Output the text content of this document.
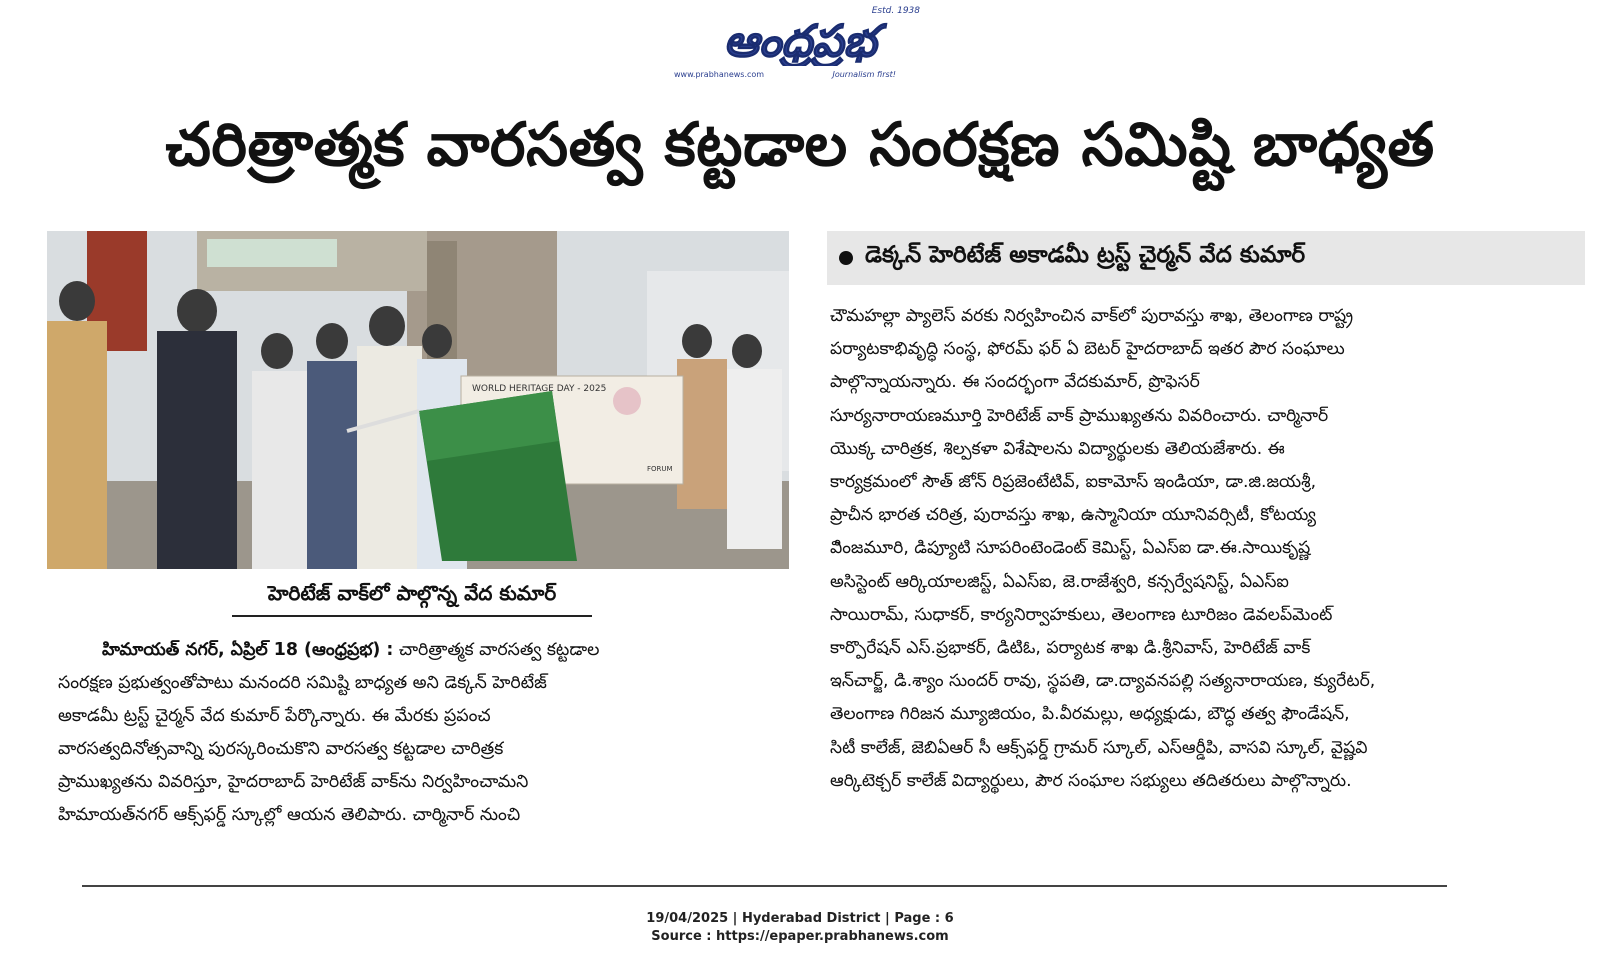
Estd. 1938
ఆంధ్రప్రభ
www.prabhanews.com	Journalism first!
చరిత్రాత్మక వారసత్వ కట్టడాల సంరక్షణ సమిష్టి బాధ్యత
WORLD HERITAGE DAY - 2025
FORUM
హెరిటేజ్ వాక్‌లో పాల్గొన్న వేద కుమార్
హిమాయత్ నగర్, ఏప్రిల్ 18 (ఆంధ్రప్రభ) : చారిత్రాత్మక వారసత్వ కట్టడాల
సంరక్షణ ప్రభుత్వంతోపాటు మనందరి సమిష్టి బాధ్యత అని డెక్కన్ హెరిటేజ్
అకాడమీ ట్రస్ట్ చైర్మన్ వేద కుమార్ పేర్కొన్నారు. ఈ మేరకు ప్రపంచ
వారసత్వదినోత్సవాన్ని పురస్కరించుకొని వారసత్వ కట్టడాల చారిత్రక
ప్రాముఖ్యతను వివరిస్తూ, హైదరాబాద్ హెరిటేజ్ వాక్‌ను నిర్వహించామని
హిమాయత్‌నగర్ ఆక్స్‌ఫర్డ్ స్కూల్లో ఆయన తెలిపారు. చార్మినార్ నుంచి
డెక్కన్ హెరిటేజ్ అకాడమీ ట్రస్ట్ చైర్మన్ వేద కుమార్
చౌమహల్లా ప్యాలెస్ వరకు నిర్వహించిన వాక్‌లో పురావస్తు శాఖ, తెలంగాణ రాష్ట్ర
పర్యాటకాభివృద్ధి సంస్థ, ఫోరమ్ ఫర్ ఏ బెటర్ హైదరాబాద్ ఇతర పౌర సంఘాలు
పాల్గొన్నాయన్నారు. ఈ సందర్భంగా వేదకుమార్, ప్రొఫెసర్
సూర్యనారాయణమూర్తి హెరిటేజ్ వాక్ ప్రాముఖ్యతను వివరించారు. చార్మినార్
యొక్క చారిత్రక, శిల్పకళా విశేషాలను విద్యార్థులకు తెలియజేశారు. ఈ
కార్యక్రమంలో సౌత్ జోన్ రిప్రజెంటేటివ్, ఐకామోస్ ఇండియా, డా.జి.జయశ్రీ,
ప్రాచీన భారత చరిత్ర, పురావస్తు శాఖ, ఉస్మానియా యూనివర్సిటీ, కోటయ్య
విింజమూరి, డిప్యూటి సూపరింటెండెంట్ కెమిస్ట్, ఏఎస్ఐ డా.ఈ.సాయికృష్ణ
అసిస్టెంట్ ఆర్కియాలజిస్ట్, ఏఎస్ఐ, జె.రాజేశ్వరి, కన్సర్వేషనిస్ట్, ఏఎస్ఐ
సాయిరామ్, సుధాకర్, కార్యనిర్వాహకులు, తెలంగాణ టూరిజం డెవలప్‌మెంట్
కార్పొరేషన్ ఎస్.ప్రభాకర్, డిటిఓ, పర్యాటక శాఖ డి.శ్రీనివాస్, హెరిటేజ్ వాక్
ఇన్‌చార్జ్, డి.శ్యాం సుందర్ రావు, స్థపతి, డా.ద్యావనపల్లి సత్యనారాయణ, క్యురేటర్,
తెలంగాణ గిరిజన మ్యూజియం, పి.వీరమల్లు, అధ్యక్షుడు, బౌద్ధ తత్వ ఫౌండేషన్,
సిటీ కాలేజ్, జెబిఏఆర్ సీ ఆక్స్‌ఫర్డ్ గ్రామర్ స్కూల్, ఎస్ఆర్డీపి, వాసవి స్కూల్, వైష్ణవి
ఆర్కిటెక్చర్ కాలేజ్ విద్యార్థులు, పౌర సంఘాల సభ్యులు తదితరులు పాల్గొన్నారు.
19/04/2025 | Hyderabad District | Page : 6
Source : https://epaper.prabhanews.com
